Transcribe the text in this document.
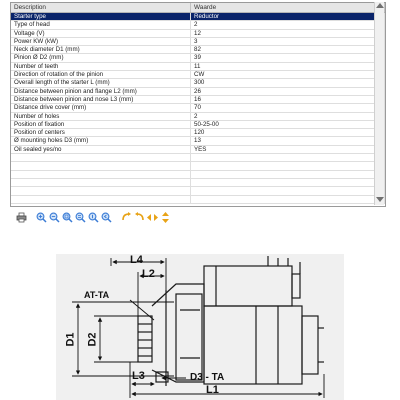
Description	Waarde
Starter type	Reductor
Type of head	2
Voltage (V)	12
Power KW (kW)	3
Neck diameter D1 (mm)	82
Pinion Ø D2 (mm)	39
Number of teeth	11
Direction of rotation of the pinion	CW
Overall length of the starter L (mm)	300
Distance between pinion and flange L2 (mm)	26
Distance between pinion and nose L3 (mm)	16
Distance drive cover (mm)	70
Number of holes	2
Position of fixation	50-25-00
Position of centers	120
Ø mounting holes D3 (mm)	13
Oil sealed yes/no	YES
L4
L2
AT-TA
D1 D2
L3	D3 - TA
L1
